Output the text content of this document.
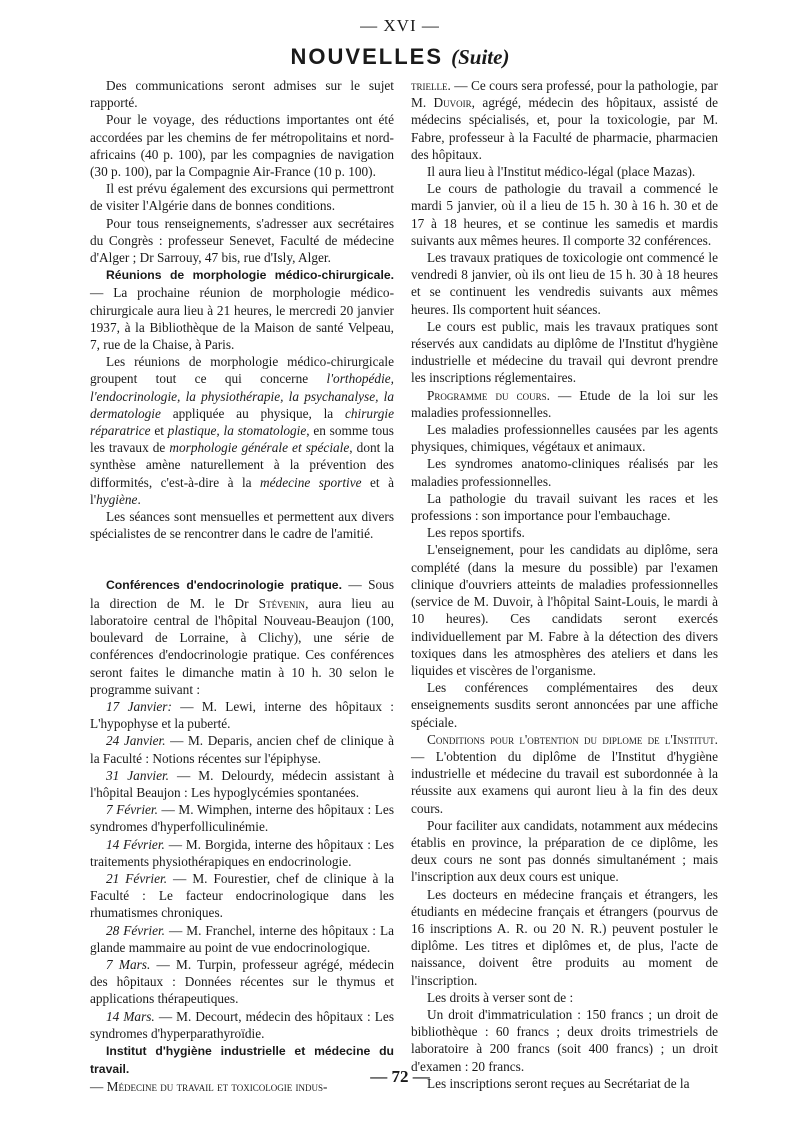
— XVI —
NOUVELLES (Suite)

Des communications seront admises sur le sujet rapporté.

Pour le voyage, des réductions importantes ont été accordées par les chemins de fer métropolitains et nord-africains (40 p. 100), par les compagnies de navigation (30 p. 100), par la Compagnie Air-France (10 p. 100).

Il est prévu également des excursions qui permettront de visiter l'Algérie dans de bonnes conditions.

Pour tous renseignements, s'adresser aux secrétaires du Congrès : professeur Senevet, Faculté de médecine d'Alger ; Dr Sarrouy, 47 bis, rue d'Isly, Alger.

Réunions de morphologie médico-chirurgicale. — La prochaine réunion de morphologie médico-chirurgicale aura lieu à 21 heures, le mercredi 20 janvier 1937, à la Bibliothèque de la Maison de santé Velpeau, 7, rue de la Chaise, à Paris.

Les réunions de morphologie médico-chirurgicale groupent tout ce qui concerne l'orthopédie, l'endocrinologie, la physiothérapie, la psychanalyse, la dermatologie appliquée au physique, la chirurgie réparatrice et plastique, la stomatologie, en somme tous les travaux de morphologie générale et spéciale, dont la synthèse amène naturellement à la prévention des difformités, c'est-à-dire à la médecine sportive et à l'hygiène.

Les séances sont mensuelles et permettent aux divers spécialistes de se rencontrer dans le cadre de l'amitié.

Conférences d'endocrinologie pratique. — Sous la direction de M. le Dr Stévenin, aura lieu au laboratoire central de l'hôpital Nouveau-Beaujon (100, boulevard de Lorraine, à Clichy), une série de conférences d'endocrinologie pratique. Ces conférences seront faites le dimanche matin à 10 h. 30 selon le programme suivant :

17 Janvier: — M. Lewi, interne des hôpitaux : L'hypophyse et la puberté.

24 Janvier. — M. Deparis, ancien chef de clinique à la Faculté : Notions récentes sur l'épiphyse.

31 Janvier. — M. Delourdy, médecin assistant à l'hôpital Beaujon : Les hypoglycémies spontanées.

7 Février. — M. Wimphen, interne des hôpitaux : Les syndromes d'hyperfolliculinémie.

14 Février. — M. Borgida, interne des hôpitaux : Les traitements physiothérapiques en endocrinologie.

21 Février. — M. Fourestier, chef de clinique à la Faculté : Le facteur endocrinologique dans les rhumatismes chroniques.

28 Février. — M. Franchel, interne des hôpitaux : La glande mammaire au point de vue endocrinologique.

7 Mars. — M. Turpin, professeur agrégé, médecin des hôpitaux : Données récentes sur le thymus et applications thérapeutiques.

14 Mars. — M. Decourt, médecin des hôpitaux : Les syndromes d'hyperparathyroïdie.

Institut d'hygiène industrielle et médecine du travail.

— Médecine du travail et toxicologie indus-

trielle. — Ce cours sera professé, pour la pathologie, par M. Duvoir, agrégé, médecin des hôpitaux, assisté de médecins spécialisés, et, pour la toxicologie, par M. Fabre, professeur à la Faculté de pharmacie, pharmacien des hôpitaux.

Il aura lieu à l'Institut médico-légal (place Mazas).

Le cours de pathologie du travail a commencé le mardi 5 janvier, où il a lieu de 15 h. 30 à 16 h. 30 et de 17 à 18 heures, et se continue les samedis et mardis suivants aux mêmes heures. Il comporte 32 conférences.

Les travaux pratiques de toxicologie ont commencé le vendredi 8 janvier, où ils ont lieu de 15 h. 30 à 18 heures et se continuent les vendredis suivants aux mêmes heures. Ils comportent huit séances.

Le cours est public, mais les travaux pratiques sont réservés aux candidats au diplôme de l'Institut d'hygiène industrielle et médecine du travail qui devront prendre les inscriptions réglementaires.

Programme du cours. — Etude de la loi sur les maladies professionnelles.

Les maladies professionnelles causées par les agents physiques, chimiques, végétaux et animaux.

Les syndromes anatomo-cliniques réalisés par les maladies professionnelles.

La pathologie du travail suivant les races et les professions : son importance pour l'embauchage.

Les repos sportifs.

L'enseignement, pour les candidats au diplôme, sera complété (dans la mesure du possible) par l'examen clinique d'ouvriers atteints de maladies professionnelles (service de M. Duvoir, à l'hôpital Saint-Louis, le mardi à 10 heures). Ces candidats seront exercés individuellement par M. Fabre à la détection des divers toxiques dans les atmosphères des ateliers et dans les liquides et viscères de l'organisme.

Les conférences complémentaires des deux enseignements susdits seront annoncées par une affiche spéciale.

Conditions pour l'obtention du diplome de l'Institut. — L'obtention du diplôme de l'Institut d'hygiène industrielle et médecine du travail est subordonnée à la réussite aux examens qui auront lieu à la fin des deux cours.

Pour faciliter aux candidats, notamment aux médecins établis en province, la préparation de ce diplôme, les deux cours ne sont pas donnés simultanément ; mais l'inscription aux deux cours est unique.

Les docteurs en médecine français et étrangers, les étudiants en médecine français et étrangers (pourvus de 16 inscriptions A. R. ou 20 N. R.) peuvent postuler le diplôme. Les titres et diplômes et, de plus, l'acte de naissance, doivent être produits au moment de l'inscription.

Les droits à verser sont de :

Un droit d'immatriculation : 150 francs ; un droit de bibliothèque : 60 francs ; deux droits trimestriels de laboratoire à 200 francs (soit 400 francs) ; un droit d'examen : 20 francs.

Les inscriptions seront reçues au Secrétariat de la

— 72 —
